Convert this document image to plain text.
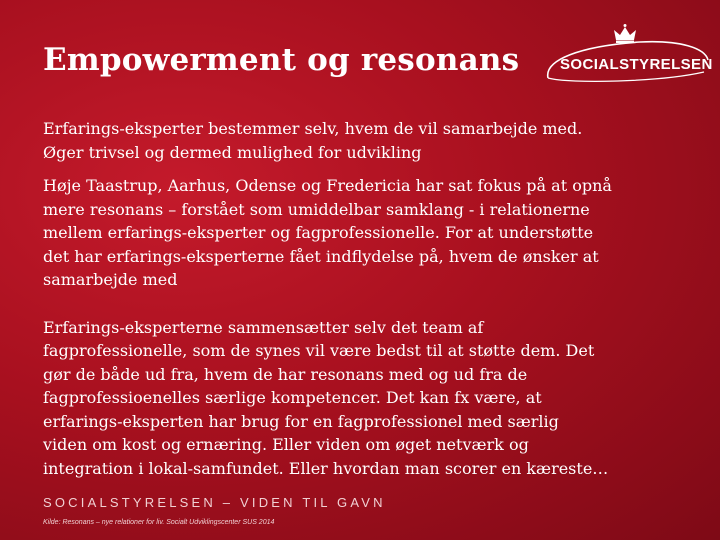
Empowerment og resonans	SOCIALSTYRELSEN

Erfarings-eksperter bestemmer selv, hvem de vil samarbejde med.
Øger trivsel og dermed mulighed for udvikling

Høje Taastrup, Aarhus, Odense og Fredericia har sat fokus på at opnå
mere resonans – forstået som umiddelbar samklang - i relationerne
mellem erfarings-eksperter og fagprofessionelle. For at understøtte
det har erfarings-eksperterne fået indflydelse på, hvem de ønsker at
samarbejde med

Erfarings-eksperterne sammensætter selv det team af
fagprofessionelle, som de synes vil være bedst til at støtte dem. Det
gør de både ud fra, hvem de har resonans med og ud fra de
fagprofessioenelles særlige kompetencer. Det kan fx være, at
erfarings-eksperten har brug for en fagprofessionel med særlig
viden om kost og ernæring. Eller viden om øget netværk og
integration i lokal-samfundet. Eller hvordan man scorer en kæreste…

SOCIALSTYRELSEN – VIDEN TIL GAVN
Kilde: Resonans – nye relationer for liv. Socialt Udviklingscenter SUS 2014
